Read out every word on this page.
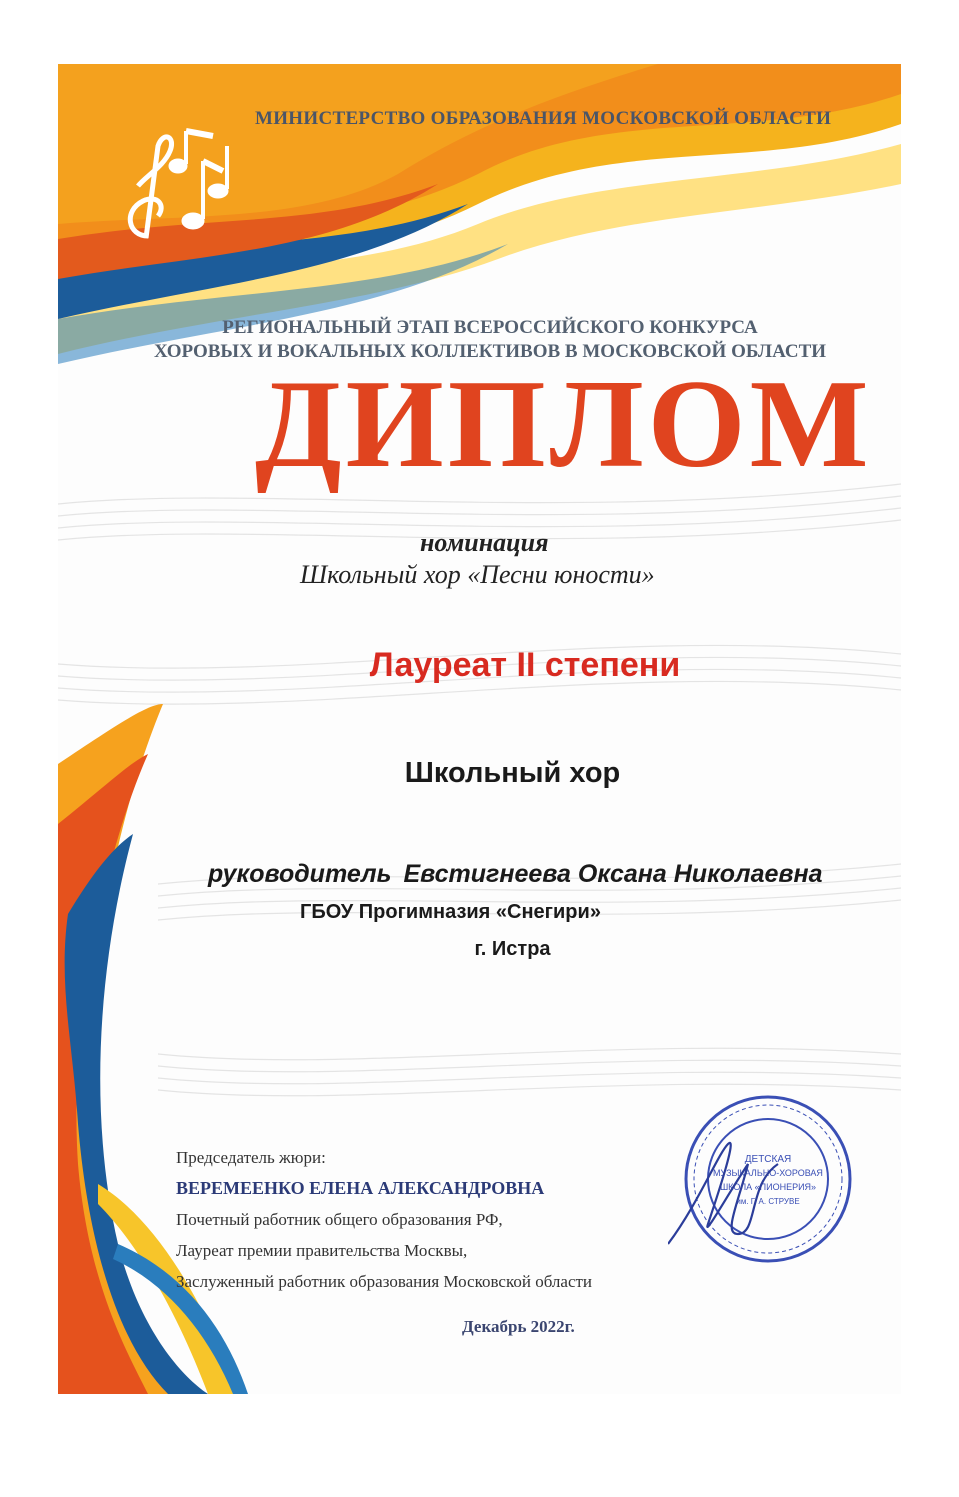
ДЕТСКАЯ
МУЗЫКАЛЬНО-ХОРОВАЯ
ШКОЛА «ПИОНЕРИЯ»
им. Г. А. СТРУВЕ
МИНИСТЕРСТВО ОБРАЗОВАНИЯ МОСКОВСКОЙ ОБЛАСТИ
РЕГИОНАЛЬНЫЙ ЭТАП ВСЕРОССИЙСКОГО КОНКУРСА
ХОРОВЫХ И ВОКАЛЬНЫХ КОЛЛЕКТИВОВ В МОСКОВСКОЙ ОБЛАСТИ
ДИПЛОМ
номинация
Школьный хор «Песни юности»
Лауреат II степени
Школьный хор
руководитель Евстигнеева Оксана Николаевна
ГБОУ Прогимназия «Снегири»
г. Истра
Председатель жюри:
ВЕРЕМЕЕНКО ЕЛЕНА АЛЕКСАНДРОВНА
Почетный работник общего образования РФ,
Лауреат премии правительства Москвы,
Заслуженный работник образования Московской области
Декабрь 2022г.
